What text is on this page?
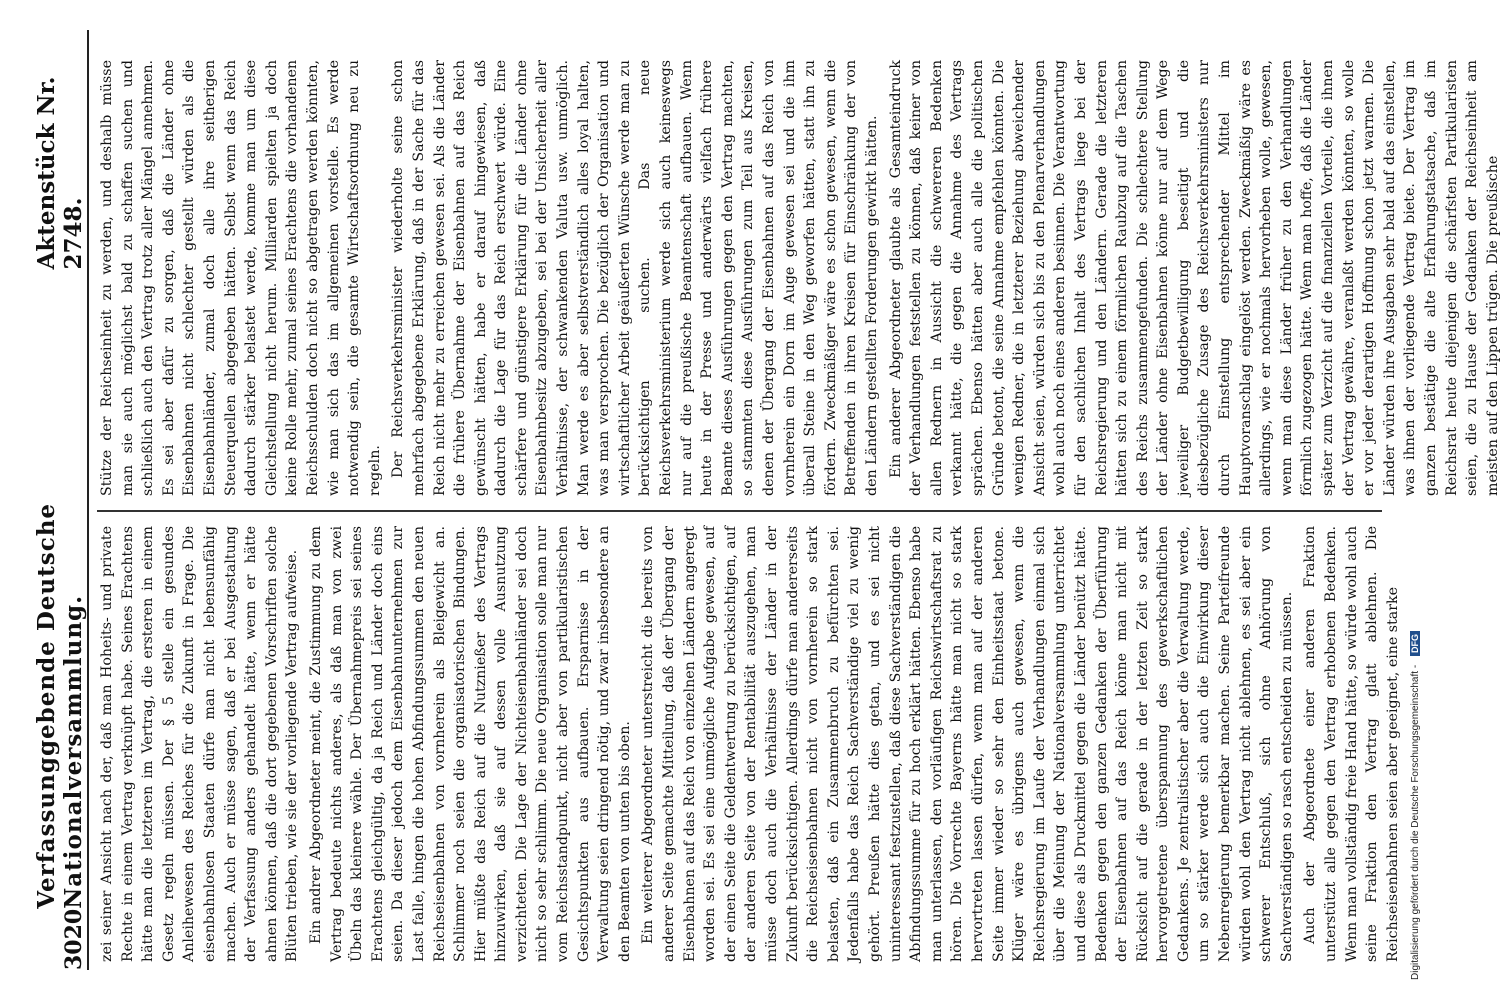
3020
Verfassunggebende Deutsche Nationalversammlung.
Aktenstück Nr. 2748.

zei seiner Ansicht nach der, daß man Hoheits- und private Rechte in einem Vertrag verknüpft habe. Seines Erachtens hätte man die letzteren im Vertrag, die ersteren in einem Gesetz regeln müssen. Der § 5 stelle ein gesundes Anleihewesen des Reiches für die Zukunft in Frage. Die eisenbahnlosen Staaten dürfe man nicht lebensunfähig machen. Auch er müsse sagen, daß er bei Ausgestaltung der Verfassung anders gehandelt hätte, wenn er hätte ahnen können, daß die dort gegebenen Vorschriften solche Blüten trieben, wie sie der vorliegende Vertrag aufweise. Ein andrer Abgeordneter meint, die Zustimmung zu dem Vertrag bedeute nichts anderes, als daß man von zwei Übeln das kleinere wähle. Der Übernahmepreis sei seines Erachtens gleichgültig, da ja Reich und Länder doch eins seien. Da dieser jedoch dem Eisenbahnunternehmen zur Last falle, hingen die hohen Abfindungssummen den neuen Reichseisenbahnen von vornherein als Bleigewicht an. Schlimmer noch seien die organisatorischen Bindungen. Hier müßte das Reich auf die Nutznießer des Vertrags hinzuwirken, daß sie auf dessen volle Ausnutzung verzichteten. Die Lage der Nichteisenbahnländer sei doch nicht so sehr schlimm. Die neue Organisation solle man nur vom Reichsstandpunkt, nicht aber von partikularistischen Gesichtspunkten aus aufbauen. Ersparnisse in der Verwaltung seien dringend nötig, und zwar insbesondere an den Beamten von unten bis oben. Ein weiterer Abgeordneter unterstreicht die bereits von anderer Seite gemachte Mitteilung, daß der Übergang der Eisenbahnen auf das Reich von einzelnen Ländern angeregt worden sei. Es sei eine unmögliche Aufgabe gewesen, auf der einen Seite die Geldentwertung zu berücksichtigen, auf der anderen Seite von der Rentabilität auszugehen, man müsse doch auch die Verhältnisse der Länder in der Zukunft berücksichtigen. Allerdings dürfe man andererseits die Reichseisenbahnen nicht von vornherein so stark belasten, daß ein Zusammenbruch zu befürchten sei. Jedenfalls habe das Reich Sachverständige viel zu wenig gehört. Preußen hätte dies getan, und es sei nicht uninteressant festzustellen, daß diese Sachverständigen die Abfindungssumme für zu hoch erklärt hätten. Ebenso habe man unterlassen, den vorläufigen Reichswirtschaftsrat zu hören. Die Vorrechte Bayerns hätte man nicht so stark hervortreten lassen dürfen, wenn man auf der anderen Seite immer wieder so sehr den Einheitsstaat betone. Klüger wäre es übrigens auch gewesen, wenn die Reichsregierung im Laufe der Verhandlungen einmal sich über die Meinung der Nationalversammlung unterrichtet und diese als Druckmittel gegen die Länder benützt hätte. Bedenken gegen den ganzen Gedanken der Überführung der Eisenbahnen auf das Reich könne man nicht mit Rücksicht auf die gerade in der letzten Zeit so stark hervorgetretene überspannung des gewerkschaftlichen Gedankens. Je zentralistischer aber die Verwaltung werde, um so stärker werde sich auch die Einwirkung dieser Nebenregierung bemerkbar machen. Seine Parteifreunde würden wohl den Vertrag nicht ablehnen, es sei aber ein schwerer Entschluß, sich ohne Anhörung von Sachverständigen so rasch entscheiden zu müssen. Auch der Abgeordnete einer anderen Fraktion unterstützt alle gegen den Vertrag erhobenen Bedenken. Wenn man vollständig freie Hand hätte, so würde wohl auch seine Fraktion den Vertrag glatt ablehnen. Die Reichseisenbahnen seien aber geeignet, eine starke

Stütze der Reichseinheit zu werden, und deshalb müsse man sie auch möglichst bald zu schaffen suchen und schließlich auch den Vertrag trotz aller Mängel annehmen. Es sei aber dafür zu sorgen, daß die Länder ohne Eisenbahnen nicht schlechter gestellt würden als die Eisenbahnländer, zumal doch alle ihre seitherigen Steuerquellen abgegeben hätten. Selbst wenn das Reich dadurch stärker belastet werde, komme man um diese Gleichstellung nicht herum. Milliarden spielten ja doch keine Rolle mehr, zumal seines Erachtens die vorhandenen Reichsschulden doch nicht so abgetragen werden könnten, wie man sich das im allgemeinen vorstelle. Es werde notwendig sein, die gesamte Wirtschaftsordnung neu zu regeln. Der Reichsverkehrsminister wiederholte seine schon mehrfach abgegebene Erklärung, daß in der Sache für das Reich nicht mehr zu erreichen gewesen sei. Als die Länder die frühere Übernahme der Eisenbahnen auf das Reich gewünscht hätten, habe er darauf hingewiesen, daß dadurch die Lage für das Reich erschwert würde. Eine schärfere und günstigere Erklärung für die Länder ohne Eisenbahnbesitz abzugeben, sei bei der Unsicherheit aller Verhältnisse, der schwankenden Valuta usw. unmöglich. Man werde es aber selbstverständlich alles loyal halten, was man versprochen. Die bezüglich der Organisation und wirtschaftlicher Arbeit geäußerten Wünsche werde man zu berücksichtigen suchen. Das neue Reichsverkehrsministerium werde sich auch keineswegs nur auf die preußische Beamtenschaft aufbauen. Wenn heute in der Presse und anderwärts vielfach frühere Beamte dieses Ausführungen gegen den Vertrag machten, so stammten diese Ausführungen zum Teil aus Kreisen, denen der Übergang der Eisenbahnen auf das Reich von vornherein ein Dorn im Auge gewesen sei und die ihm überall Steine in den Weg geworfen hätten, statt ihn zu fördern. Zweckmäßiger wäre es schon gewesen, wenn die Betreffenden in ihren Kreisen für Einschränkung der von den Ländern gestellten Forderungen gewirkt hätten. Ein anderer Abgeordneter glaubte als Gesamteindruck der Verhandlungen feststellen zu können, daß keiner von allen Rednern in Aussicht die schwereren Bedenken verkannt hätte, die gegen die Annahme des Vertrags sprächen. Ebenso hätten aber auch alle die politischen Gründe betont, die seine Annahme empfehlen könnten. Die wenigen Redner, die in letzterer Beziehung abweichender Ansicht seien, würden sich bis zu den Plenarverhandlungen wohl auch noch eines anderen besinnen. Die Verantwortung für den sachlichen Inhalt des Vertrags liege bei der Reichsregierung und den Ländern. Gerade die letzteren hätten sich zu einem förmlichen Raubzug auf die Taschen des Reichs zusammengefunden. Die schlechtere Stellung der Länder ohne Eisenbahnen könne nur auf dem Wege jeweiliger Budgetbewilligung beseitigt und die diesbezügliche Zusage des Reichsverkehrsministers nur durch Einstellung entsprechender Mittel im Hauptvoranschlag eingelöst werden. Zweckmäßig wäre es allerdings, wie er nochmals hervorheben wolle, gewesen, wenn man diese Länder früher zu den Verhandlungen förmlich zugezogen hätte. Wenn man hoffe, daß die Länder später zum Verzicht auf die finanziellen Vorteile, die ihnen der Vertrag gewähre, veranlaßt werden könnten, so wolle er vor jeder derartigen Hoffnung schon jetzt warnen. Die Länder würden ihre Ausgaben sehr bald auf das einstellen, was ihnen der vorliegende Vertrag biete. Der Vertrag im ganzen bestätige die alte Erfahrungstatsache, daß im Reichsrat heute diejenigen die schärfsten Partikularisten seien, die zu Hause der Gedanken der Reichseinheit am meisten auf den Lippen trügen. Die preußische

Digitalisierung gefördert durch die Deutsche Forschungsgemeinschaft - DFG
